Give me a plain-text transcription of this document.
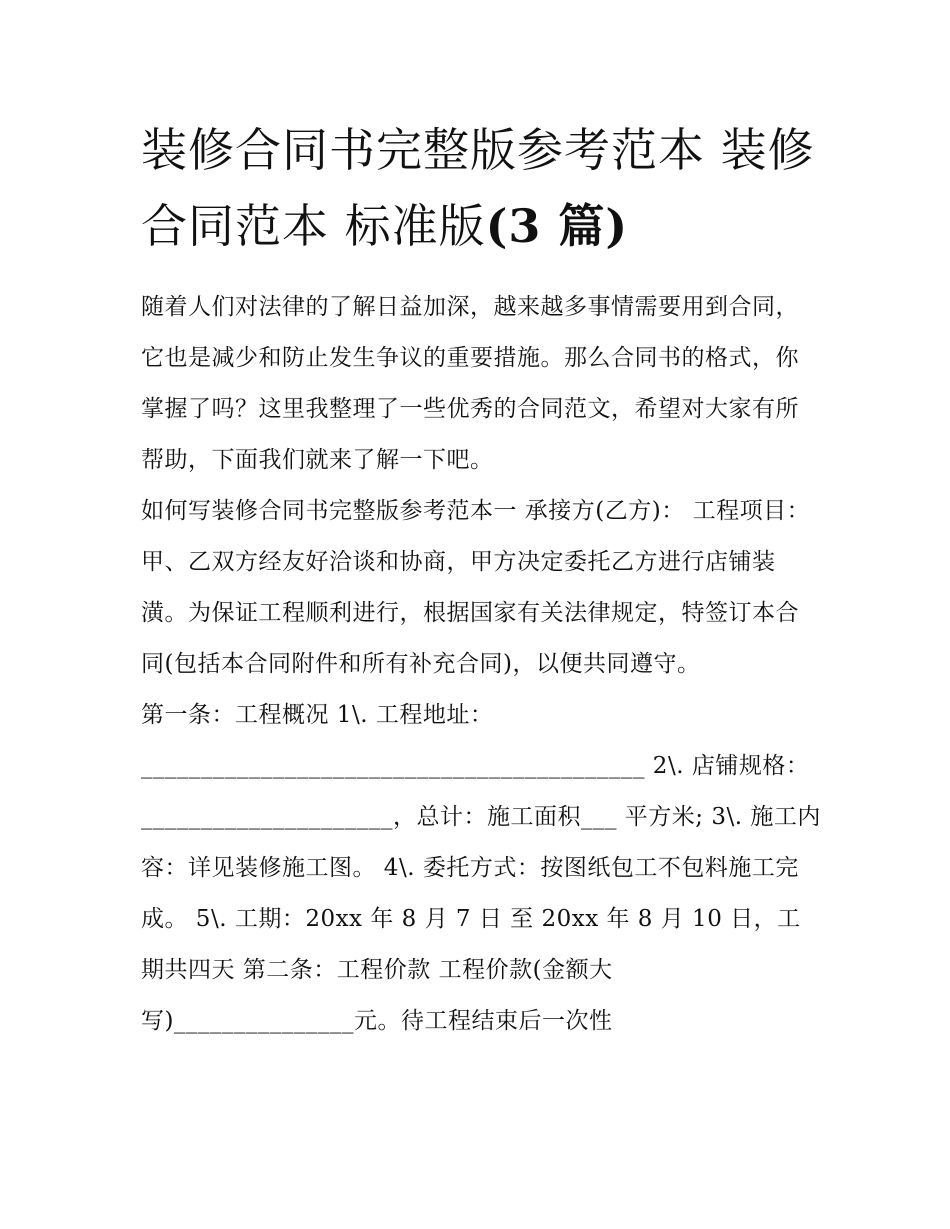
装修合同书完整版参考范本 装修合同范本 标准版(3 篇)

随着人们对法律的了解日益加深，越来越多事情需要用到合同，它也是减少和防止发生争议的重要措施。那么合同书的格式，你掌握了吗？这里我整理了一些优秀的合同范文，希望对大家有所帮助，下面我们就来了解一下吧。

如何写装修合同书完整版参考范本一 承接方(乙方)： 工程项目：

甲、乙双方经友好洽谈和协商，甲方决定委托乙方进行店铺装潢。为保证工程顺利进行，根据国家有关法律规定，特签订本合同(包括本合同附件和所有补充合同)，以便共同遵守。

第一条：工程概况 1\. 工程地址：__________________________________________ 2\. 店铺规格：_____________________，总计：施工面积___ 平方米; 3\. 施工内容：详见装修施工图。 4\. 委托方式：按图纸包工不包料施工完成。 5\. 工期：20xx 年 8 月 7 日 至 20xx 年 8 月 10 日，工期共四天 第二条：工程价款 工程价款(金额大写)_______________元。待工程结束后一次性
